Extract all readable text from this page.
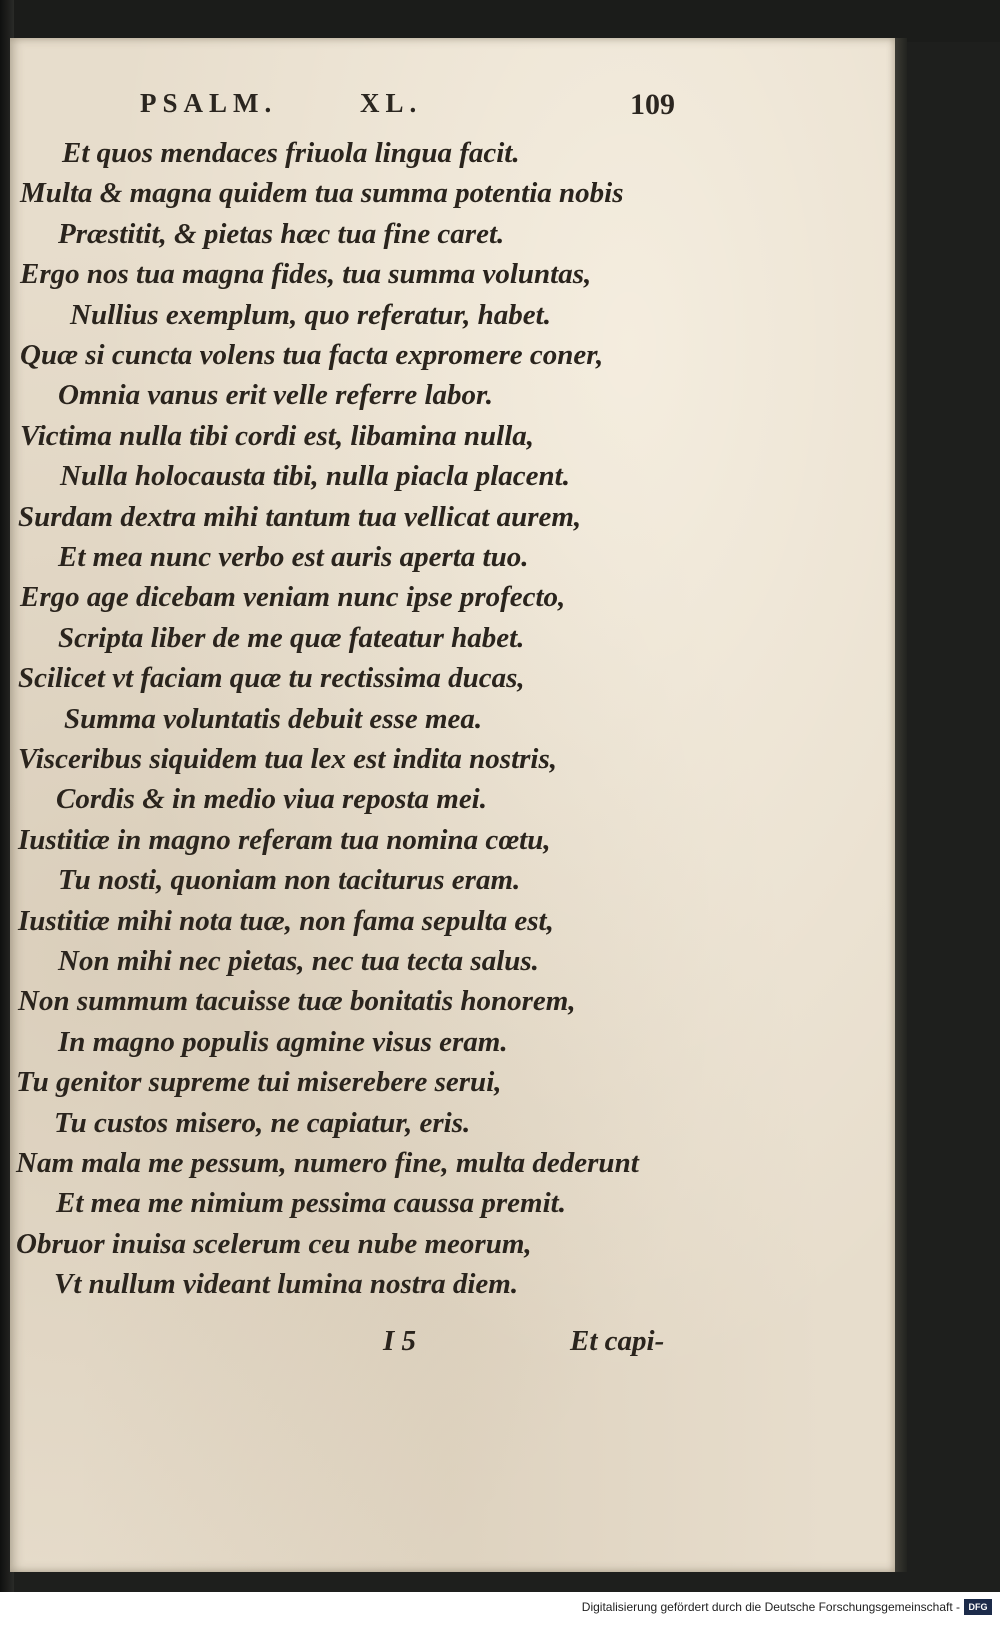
PSALM.	XL.	109
Et quos mendaces friuola lingua facit.
Multa & magna quidem tua summa potentia nobis
Præstitit, & pietas hæc tua fine caret.
Ergo nos tua magna fides, tua summa voluntas,
Nullius exemplum, quo referatur, habet.
Quæ si cuncta volens tua facta expromere coner,
Omnia vanus erit velle referre labor.
Victima nulla tibi cordi est, libamina nulla,
Nulla holocausta tibi, nulla piacla placent.
Surdam dextra mihi tantum tua vellicat aurem,
Et mea nunc verbo est auris aperta tuo.
Ergo age dicebam veniam nunc ipse profecto,
Scripta liber de me quæ fateatur habet.
Scilicet vt faciam quæ tu rectissima ducas,
Summa voluntatis debuit esse mea.
Visceribus siquidem tua lex est indita nostris,
Cordis & in medio viua reposta mei.
Iustitiæ in magno referam tua nomina cœtu,
Tu nosti, quoniam non taciturus eram.
Iustitiæ mihi nota tuæ, non fama sepulta est,
Non mihi nec pietas, nec tua tecta salus.
Non summum tacuisse tuæ bonitatis honorem,
In magno populis agmine visus eram.
Tu genitor supreme tui miserebere serui,
Tu custos misero, ne capiatur, eris.
Nam mala me pessum, numero fine, multa dederunt
Et mea me nimium pessima caussa premit.
Obruor inuisa scelerum ceu nube meorum,
Vt nullum videant lumina nostra diem.
I 5	Et capi-
Digitalisierung gefördert durch die Deutsche Forschungsgemeinschaft - DFG
